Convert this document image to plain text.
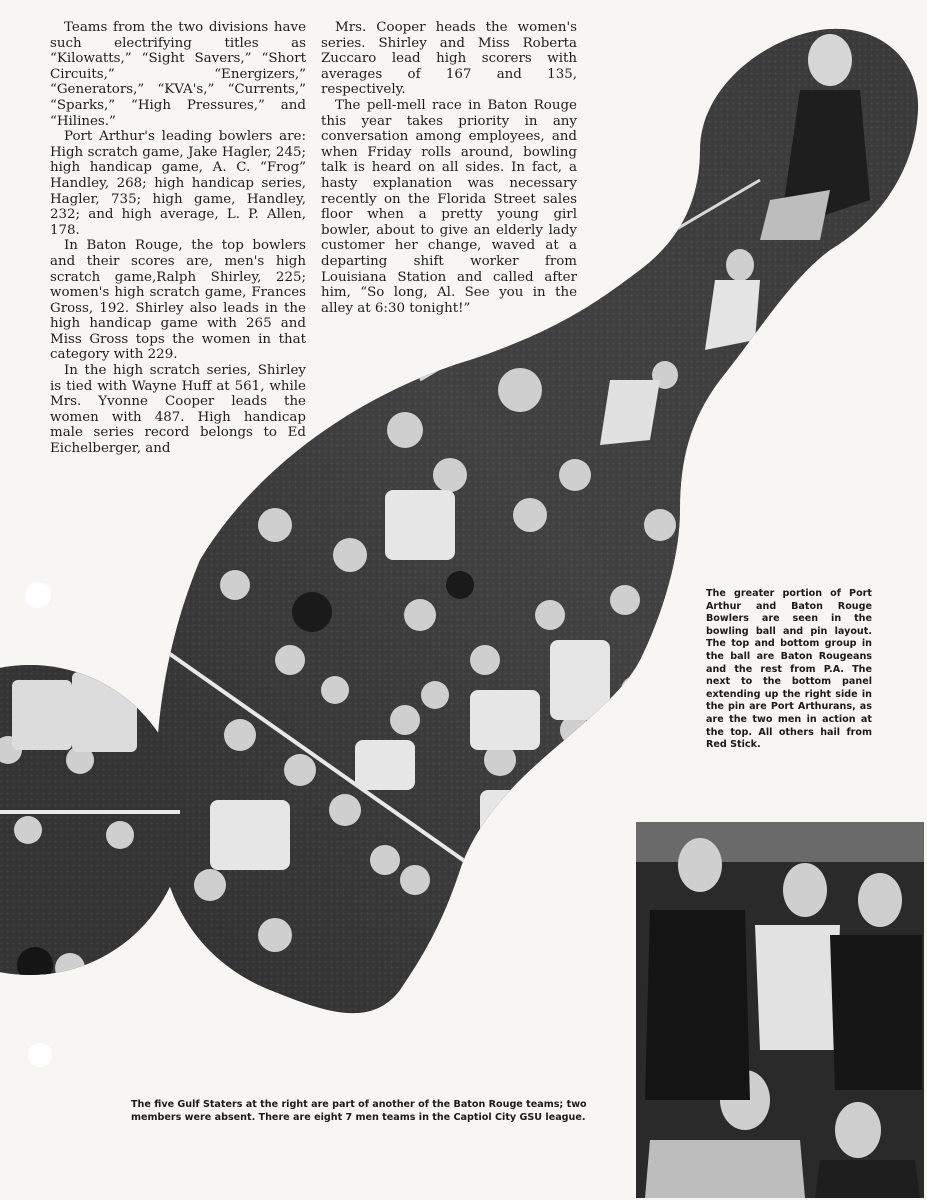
Teams from the two divisions have such electrifying titles as “Kilowatts,” “Sight Savers,” “Short Circuits,” “Energizers,” “Generators,” “KVA's,” “Currents,” “Sparks,” “High Pressures,” and “Hilines.”

Port Arthur's leading bowlers are: High scratch game, Jake Hagler, 245; high handicap game, A. C. “Frog” Handley, 268; high handicap series, Hagler, 735; high game, Handley, 232; and high average, L. P. Allen, 178.

In Baton Rouge, the top bowlers and their scores are, men's high scratch game,Ralph Shirley, 225; women's high scratch game, Frances Gross, 192. Shirley also leads in the high handicap game with 265 and Miss Gross tops the women in that category with 229.

In the high scratch series, Shirley is tied with Wayne Huff at 561, while Mrs. Yvonne Cooper leads the women with 487. High handicap male series record belongs to Ed Eichelberger, and

Mrs. Cooper heads the women's series. Shirley and Miss Roberta Zuccaro lead high scorers with averages of 167 and 135, respectively.

The pell-mell race in Baton Rouge this year takes priority in any conversation among employees, and when Friday rolls around, bowling talk is heard on all sides. In fact, a hasty explanation was necessary recently on the Florida Street sales floor when a pretty young girl bowler, about to give an elderly lady customer her change, waved at a departing shift worker from Louisiana Station and called after him, “So long, Al. See you in the alley at 6:30 tonight!”

The greater portion of Port Arthur and Baton Rouge Bowlers are seen in the bowling ball and pin layout. The top and bottom group in the ball are Baton Rougeans and the rest from P.A. The next to the bottom panel extending up the right side in the pin are Port Arthurans, as are the two men in action at the top. All others hail from Red Stick.
The five Gulf Staters at the right are part of another of the Baton Rouge teams; two members were absent. There are eight 7 men teams in the Captiol City GSU league.
